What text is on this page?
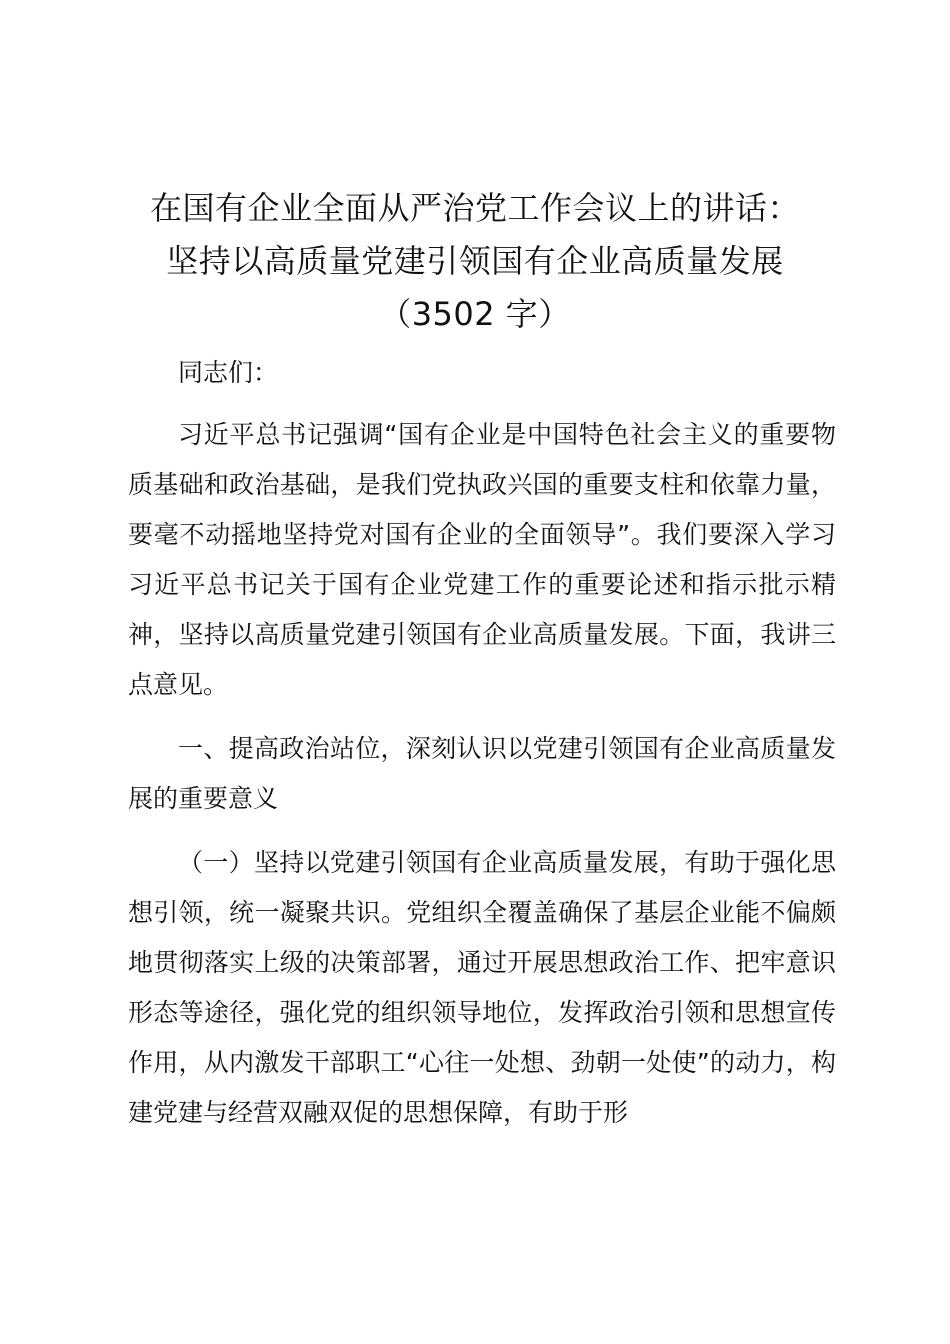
在国有企业全面从严治党工作会议上的讲话：
坚持以高质量党建引领国有企业高质量发展
（3502 字）

同志们：

习近平总书记强调“国有企业是中国特色社会主义的重要物质基础和政治基础，是我们党执政兴国的重要支柱和依靠力量，要毫不动摇地坚持党对国有企业的全面领导”。我们要深入学习习近平总书记关于国有企业党建工作的重要论述和指示批示精神，坚持以高质量党建引领国有企业高质量发展。下面，我讲三点意见。

一、提高政治站位，深刻认识以党建引领国有企业高质量发展的重要意义

（一）坚持以党建引领国有企业高质量发展，有助于强化思想引领，统一凝聚共识。党组织全覆盖确保了基层企业能不偏颇地贯彻落实上级的决策部署，通过开展思想政治工作、把牢意识形态等途径，强化党的组织领导地位，发挥政治引领和思想宣传作用，从内激发干部职工“心往一处想、劲朝一处使”的动力，构建党建与经营双融双促的思想保障，有助于形
